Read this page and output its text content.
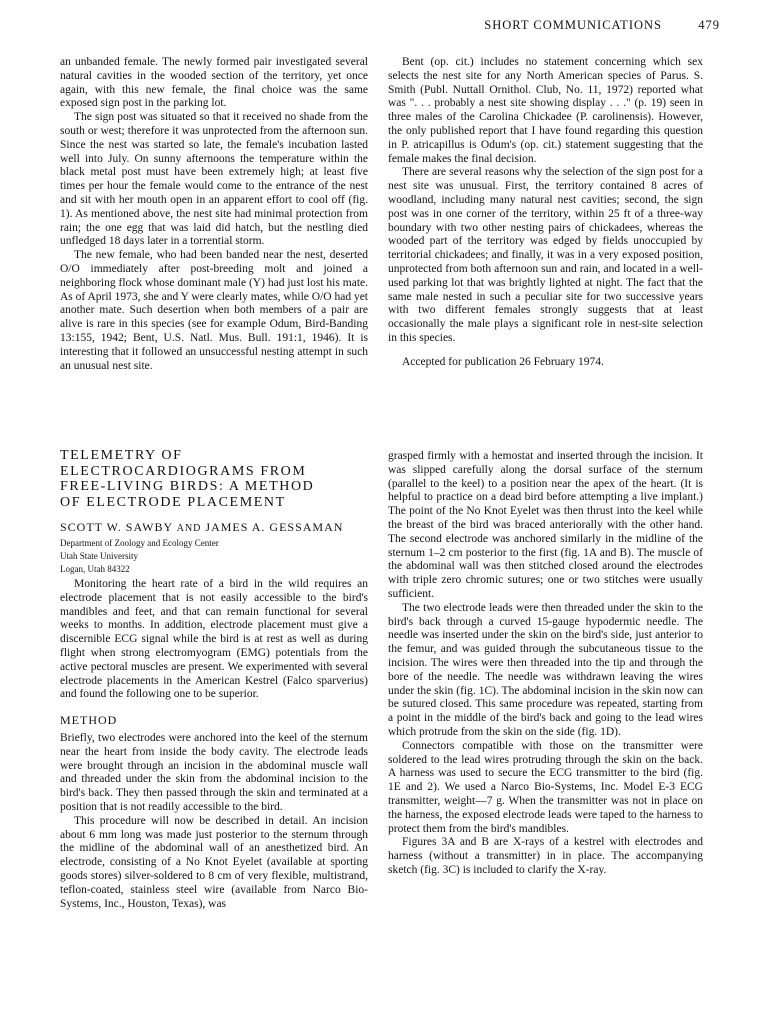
SHORT COMMUNICATIONS	479

an unbanded female. The newly formed pair investigated several natural cavities in the wooded section of the territory, yet once again, with this new female, the final choice was the same exposed sign post in the parking lot.

The sign post was situated so that it received no shade from the south or west; therefore it was unprotected from the afternoon sun. Since the nest was started so late, the female's incubation lasted well into July. On sunny afternoons the temperature within the black metal post must have been extremely high; at least five times per hour the female would come to the entrance of the nest and sit with her mouth open in an apparent effort to cool off (fig. 1). As mentioned above, the nest site had minimal protection from rain; the one egg that was laid did hatch, but the nestling died unfledged 18 days later in a torrential storm.

The new female, who had been banded near the nest, deserted O/O immediately after post-breeding molt and joined a neighboring flock whose dominant male (Y) had just lost his mate. As of April 1973, she and Y were clearly mates, while O/O had yet another mate. Such desertion when both members of a pair are alive is rare in this species (see for example Odum, Bird-Banding 13:155, 1942; Bent, U.S. Natl. Mus. Bull. 191:1, 1946). It is interesting that it followed an unsuccessful nesting attempt in such an unusual nest site.

Bent (op. cit.) includes no statement concerning which sex selects the nest site for any North American species of Parus. S. Smith (Publ. Nuttall Ornithol. Club, No. 11, 1972) reported what was ". . . probably a nest site showing display . . ." (p. 19) seen in three males of the Carolina Chickadee (P. carolinensis). However, the only published report that I have found regarding this question in P. atricapillus is Odum's (op. cit.) statement suggesting that the female makes the final decision.

There are several reasons why the selection of the sign post for a nest site was unusual. First, the territory contained 8 acres of woodland, including many natural nest cavities; second, the sign post was in one corner of the territory, within 25 ft of a three-way boundary with two other nesting pairs of chickadees, whereas the wooded part of the territory was edged by fields unoccupied by territorial chickadees; and finally, it was in a very exposed position, unprotected from both afternoon sun and rain, and located in a well-used parking lot that was brightly lighted at night. The fact that the same male nested in such a peculiar site for two successive years with two different females strongly suggests that at least occasionally the male plays a significant role in nest-site selection in this species.

Accepted for publication 26 February 1974.

TELEMETRY OF

ELECTROCARDIOGRAMS FROM

FREE-LIVING BIRDS: A METHOD

OF ELECTRODE PLACEMENT

SCOTT W. SAWBY AND JAMES A. GESSAMAN

Department of Zoology and Ecology Center

Utah State University

Logan, Utah 84322

Monitoring the heart rate of a bird in the wild requires an electrode placement that is not easily accessible to the bird's mandibles and feet, and that can remain functional for several weeks to months. In addition, electrode placement must give a discernible ECG signal while the bird is at rest as well as during flight when strong electromyogram (EMG) potentials from the active pectoral muscles are present. We experimented with several electrode placements in the American Kestrel (Falco sparverius) and found the following one to be superior.

METHOD

Briefly, two electrodes were anchored into the keel of the sternum near the heart from inside the body cavity. The electrode leads were brought through an incision in the abdominal muscle wall and threaded under the skin from the abdominal incision to the bird's back. They then passed through the skin and terminated at a position that is not readily accessible to the bird.

This procedure will now be described in detail. An incision about 6 mm long was made just posterior to the sternum through the midline of the abdominal wall of an anesthetized bird. An electrode, consisting of a No Knot Eyelet (available at sporting goods stores) silver-soldered to 8 cm of very flexible, multistrand, teflon-coated, stainless steel wire (available from Narco Bio-Systems, Inc., Houston, Texas), was

grasped firmly with a hemostat and inserted through the incision. It was slipped carefully along the dorsal surface of the sternum (parallel to the keel) to a position near the apex of the heart. (It is helpful to practice on a dead bird before attempting a live implant.) The point of the No Knot Eyelet was then thrust into the keel while the breast of the bird was braced anteriorally with the other hand. The second electrode was anchored similarly in the midline of the sternum 1–2 cm posterior to the first (fig. 1A and B). The muscle of the abdominal wall was then stitched closed around the electrodes with triple zero chromic sutures; one or two stitches were usually sufficient.

The two electrode leads were then threaded under the skin to the bird's back through a curved 15-gauge hypodermic needle. The needle was inserted under the skin on the bird's side, just anterior to the femur, and was guided through the subcutaneous tissue to the incision. The wires were then threaded into the tip and through the bore of the needle. The needle was withdrawn leaving the wires under the skin (fig. 1C). The abdominal incision in the skin now can be sutured closed. This same procedure was repeated, starting from a point in the middle of the bird's back and going to the lead wires which protrude from the skin on the side (fig. 1D).

Connectors compatible with those on the transmitter were soldered to the lead wires protruding through the skin on the back. A harness was used to secure the ECG transmitter to the bird (fig. 1E and 2). We used a Narco Bio-Systems, Inc. Model E-3 ECG transmitter, weight—7 g. When the transmitter was not in place on the harness, the exposed electrode leads were taped to the harness to protect them from the bird's mandibles.

Figures 3A and B are X-rays of a kestrel with electrodes and harness (without a transmitter) in in place. The accompanying sketch (fig. 3C) is included to clarify the X-ray.
